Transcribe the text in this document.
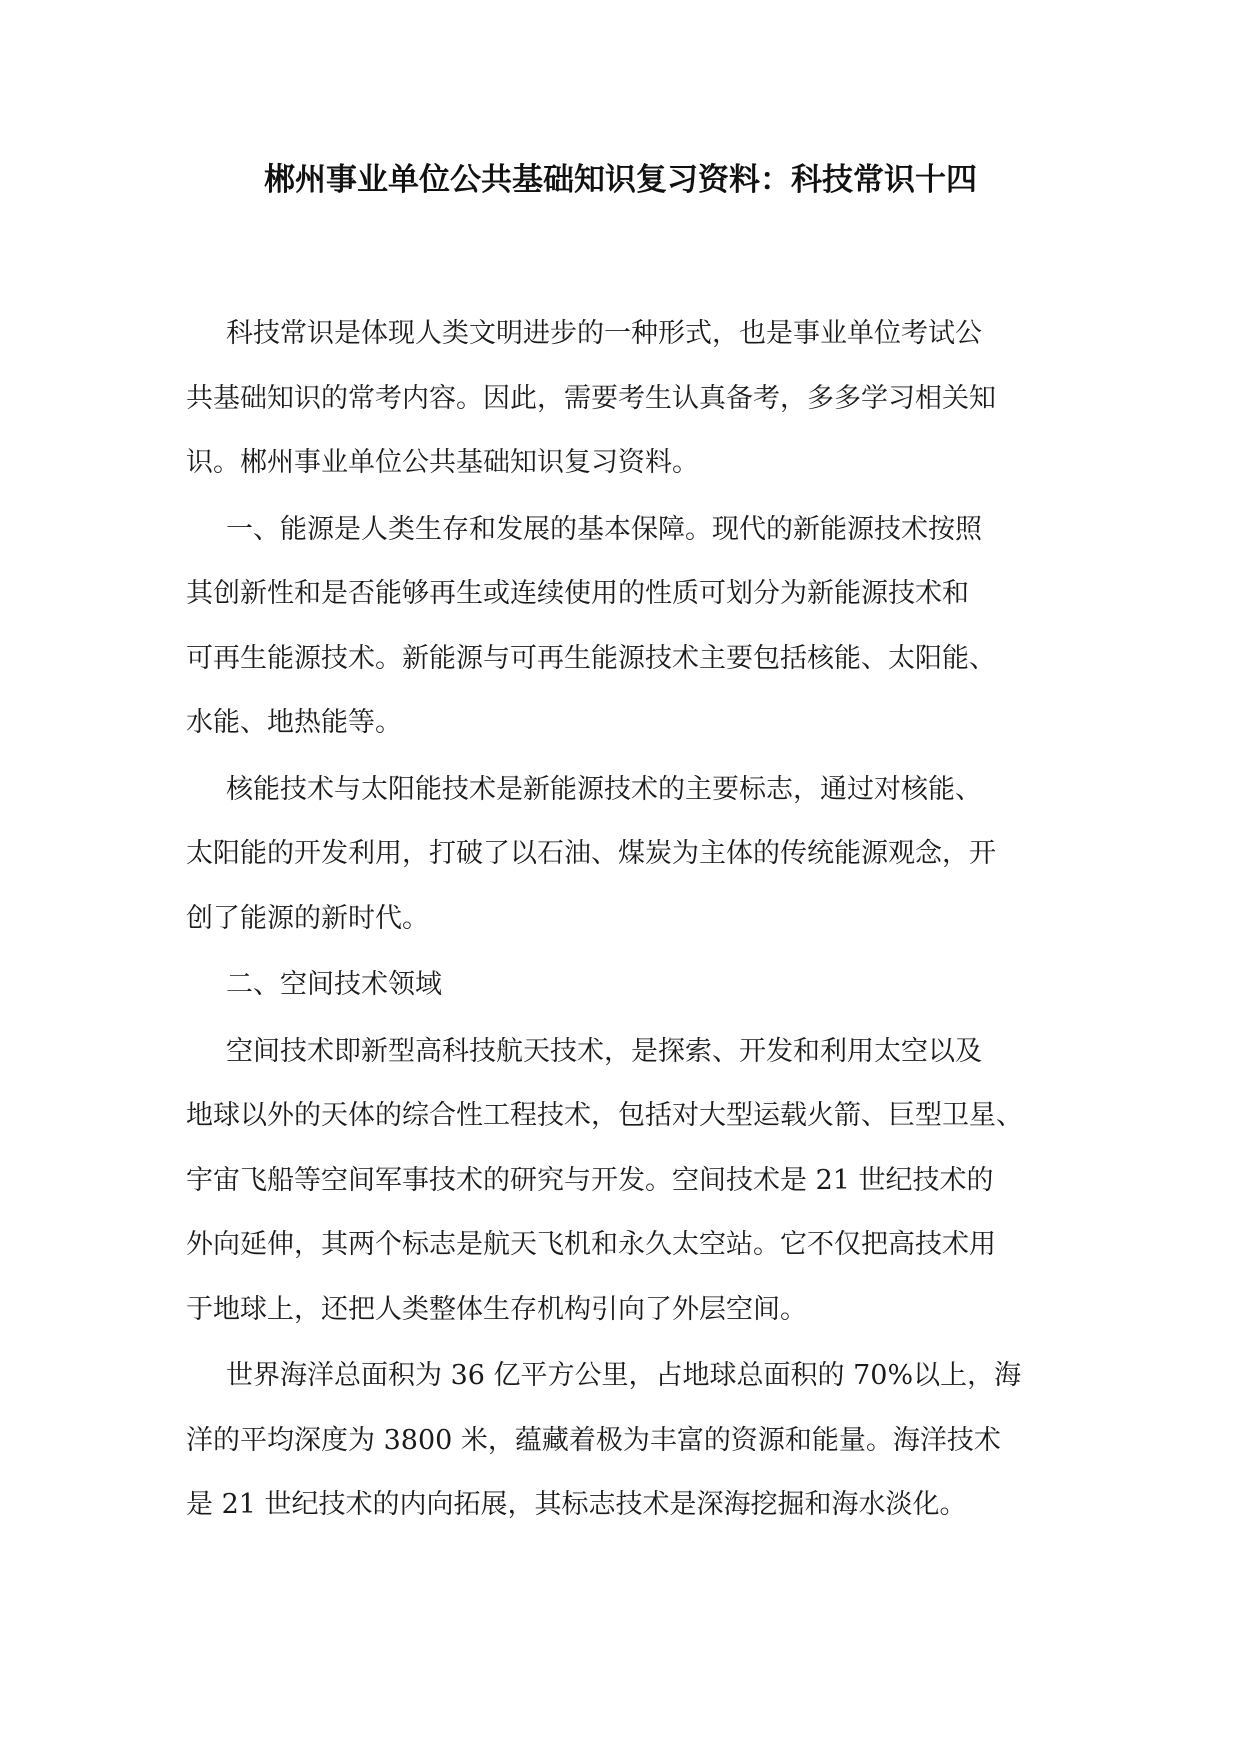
郴州事业单位公共基础知识复习资料：科技常识十四

科技常识是体现人类文明进步的一种形式，也是事业单位考试公
共基础知识的常考内容。因此，需要考生认真备考，多多学习相关知
识。郴州事业单位公共基础知识复习资料。

一、能源是人类生存和发展的基本保障。现代的新能源技术按照
其创新性和是否能够再生或连续使用的性质可划分为新能源技术和
可再生能源技术。新能源与可再生能源技术主要包括核能、太阳能、
水能、地热能等。

核能技术与太阳能技术是新能源技术的主要标志，通过对核能、
太阳能的开发利用，打破了以石油、煤炭为主体的传统能源观念，开
创了能源的新时代。

二、空间技术领域

空间技术即新型高科技航天技术，是探索、开发和利用太空以及
地球以外的天体的综合性工程技术，包括对大型运载火箭、巨型卫星、
宇宙飞船等空间军事技术的研究与开发。空间技术是 21 世纪技术的
外向延伸，其两个标志是航天飞机和永久太空站。它不仅把高技术用
于地球上，还把人类整体生存机构引向了外层空间。

世界海洋总面积为 36 亿平方公里，占地球总面积的 70%以上，海
洋的平均深度为 3800 米，蕴藏着极为丰富的资源和能量。海洋技术
是 21 世纪技术的内向拓展，其标志技术是深海挖掘和海水淡化。
